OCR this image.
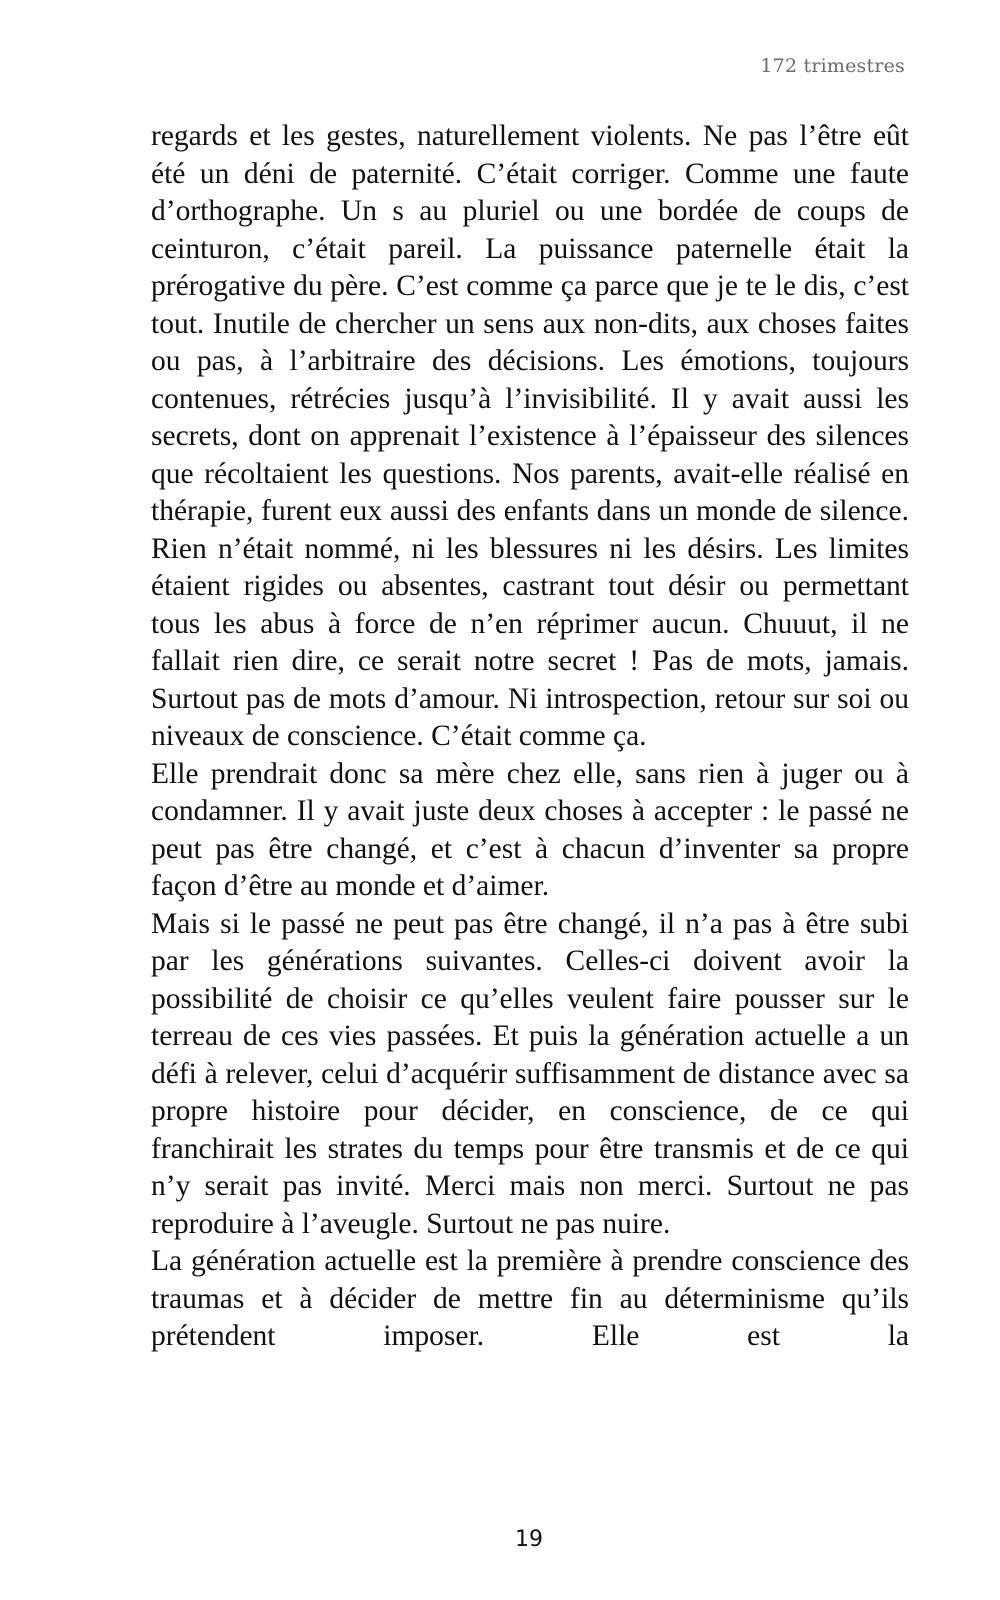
172 trimestres

regards et les gestes, naturellement violents. Ne pas l’être eût été un déni de paternité. C’était corriger. Comme une faute d’orthographe. Un s au pluriel ou une bordée de coups de ceinturon, c’était pareil. La puissance paternelle était la prérogative du père. C’est comme ça parce que je te le dis, c’est tout. Inutile de chercher un sens aux non-dits, aux choses faites ou pas, à l’arbitraire des décisions. Les émotions, toujours contenues, rétrécies jusqu’à l’invisibilité. Il y avait aussi les secrets, dont on apprenait l’existence à l’épaisseur des silences que récoltaient les questions. Nos parents, avait-elle réalisé en thérapie, furent eux aussi des enfants dans un monde de silence. Rien n’était nommé, ni les blessures ni les désirs. Les limites étaient rigides ou absentes, castrant tout désir ou permettant tous les abus à force de n’en réprimer aucun. Chuuut, il ne fallait rien dire, ce serait notre secret ! Pas de mots, jamais. Surtout pas de mots d’amour. Ni introspection, retour sur soi ou niveaux de conscience. C’était comme ça.

Elle prendrait donc sa mère chez elle, sans rien à juger ou à condamner. Il y avait juste deux choses à accepter : le passé ne peut pas être changé, et c’est à chacun d’inventer sa propre façon d’être au monde et d’aimer.

Mais si le passé ne peut pas être changé, il n’a pas à être subi par les générations suivantes. Celles-ci doivent avoir la possibilité de choisir ce qu’elles veulent faire pousser sur le terreau de ces vies passées. Et puis la génération actuelle a un défi à relever, celui d’acquérir suffisamment de distance avec sa propre histoire pour décider, en conscience, de ce qui franchirait les strates du temps pour être transmis et de ce qui n’y serait pas invité. Merci mais non merci. Surtout ne pas reproduire à l’aveugle. Surtout ne pas nuire.

La génération actuelle est la première à prendre conscience des traumas et à décider de mettre fin au déterminisme qu’ils prétendent imposer. Elle est la

19
